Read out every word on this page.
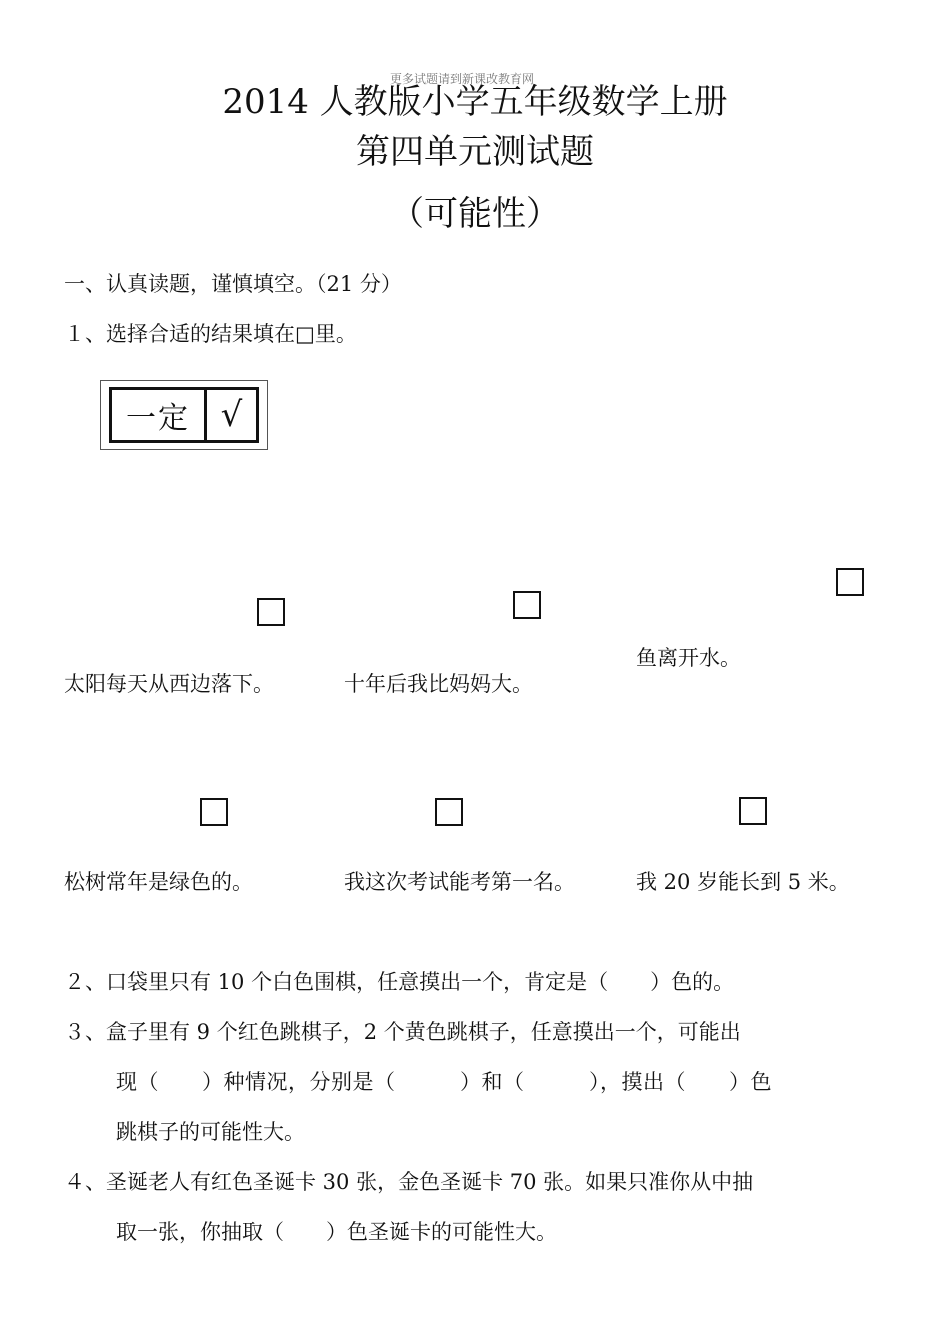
更多试题请到新课改教育网
2014 人教版小学五年级数学上册
第四单元测试题
（可能性）
一、认真读题，谨慎填空。（21 分）
１、选择合适的结果填在□里。
一定 √
太阳每天从西边落下。	十年后我比妈妈大。
鱼离开水。
松树常年是绿色的。	我这次考试能考第一名。	我 20 岁能长到 5 米。
２、口袋里只有 10 个白色围棋，任意摸出一个，肯定是（　　）色的。
３、盒子里有 9 个红色跳棋子，2 个黄色跳棋子，任意摸出一个，可能出
现（　　）种情况，分别是（　　　）和（　　　），摸出（　　）色
跳棋子的可能性大。
４、圣诞老人有红色圣诞卡 30 张，金色圣诞卡 70 张。如果只准你从中抽
取一张，你抽取（　　）色圣诞卡的可能性大。
